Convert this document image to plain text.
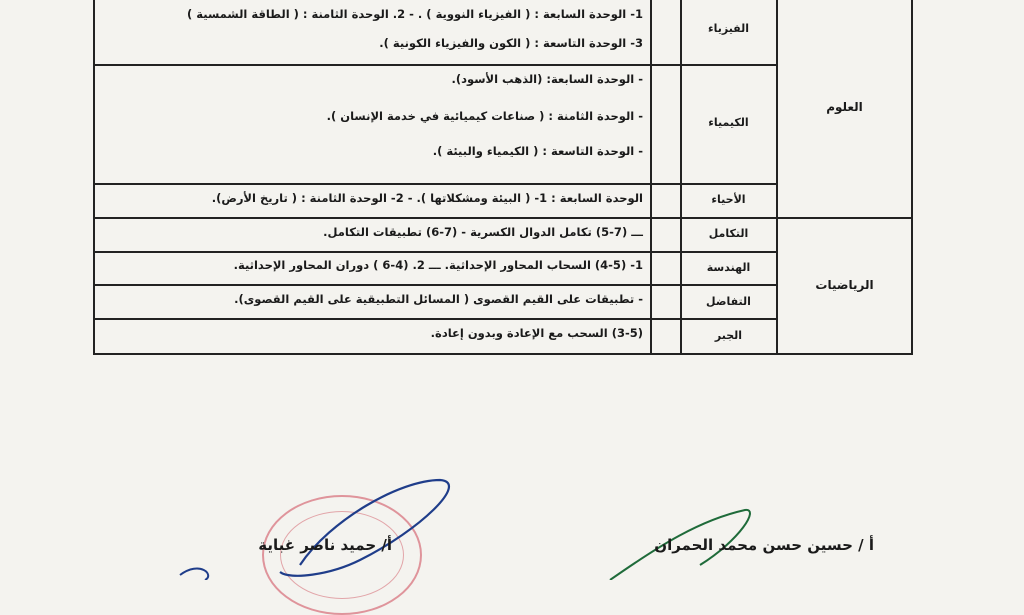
العلوم
الرياضيات
الفيزياء
1- الوحدة السابعة : ( الفيزياء النووية ) . - 2. الوحدة الثامنة : ( الطاقة الشمسية )
3- الوحدة التاسعة : ( الكون والفيزياء الكونية ).
الكيمياء
- الوحدة السابعة: (الذهب الأسود).
- الوحدة الثامنة : ( صناعات كيميائية في خدمة الإنسان ).
- الوحدة التاسعة : ( الكيمياء والبيئة ).
الأحياء
الوحدة السابعة : 1- ( البيئة ومشكلاتها ). - 2- الوحدة الثامنة : ( تاريخ الأرض).
التكامل
ـــ (7-5) تكامل الدوال الكسرية - (7-6) تطبيقات التكامل.
الهندسة
1- (4-5) السحاب المحاور الإحداثية. ـــ 2. (4-6 ) دوران المحاور الإحداثية.
التفاضل
- تطبيقات على القيم القصوى ( المسائل التطبيقية على القيم القصوى).
الجبر
(3-5) السحب مع الإعادة وبدون إعادة.
أ/ حميد ناصر غباية	أ / حسين حسن محمد الحمران
